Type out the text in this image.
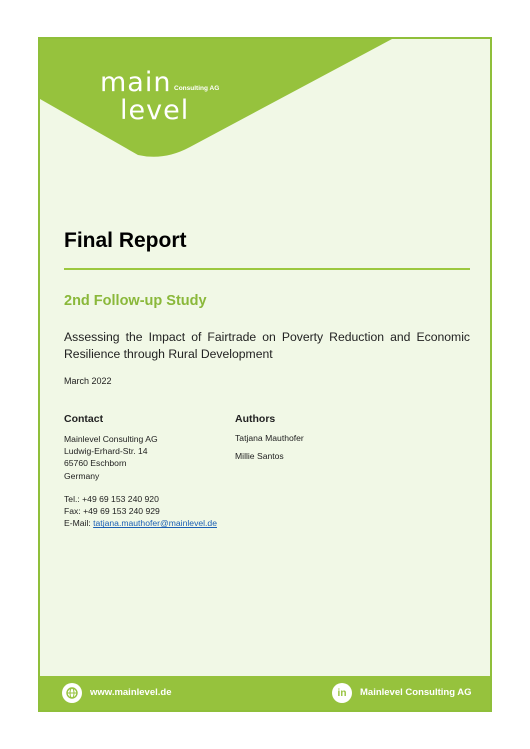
main Consulting AG
level
Final Report
2nd Follow-up Study

Assessing the Impact of Fairtrade on Poverty Reduction and Economic Resilience through Rural Development

March 2022
Contact
Mainlevel Consulting AG
Ludwig-Erhard-Str. 14
65760 Eschborn
Germany
Tel.: +49 69 153 240 920
Fax: +49 69 153 240 929
E-Mail: tatjana.mauthofer@mainlevel.de
Authors
Tatjana Mauthofer
Millie Santos
www.mainlevel.de	in	Mainlevel Consulting AG
